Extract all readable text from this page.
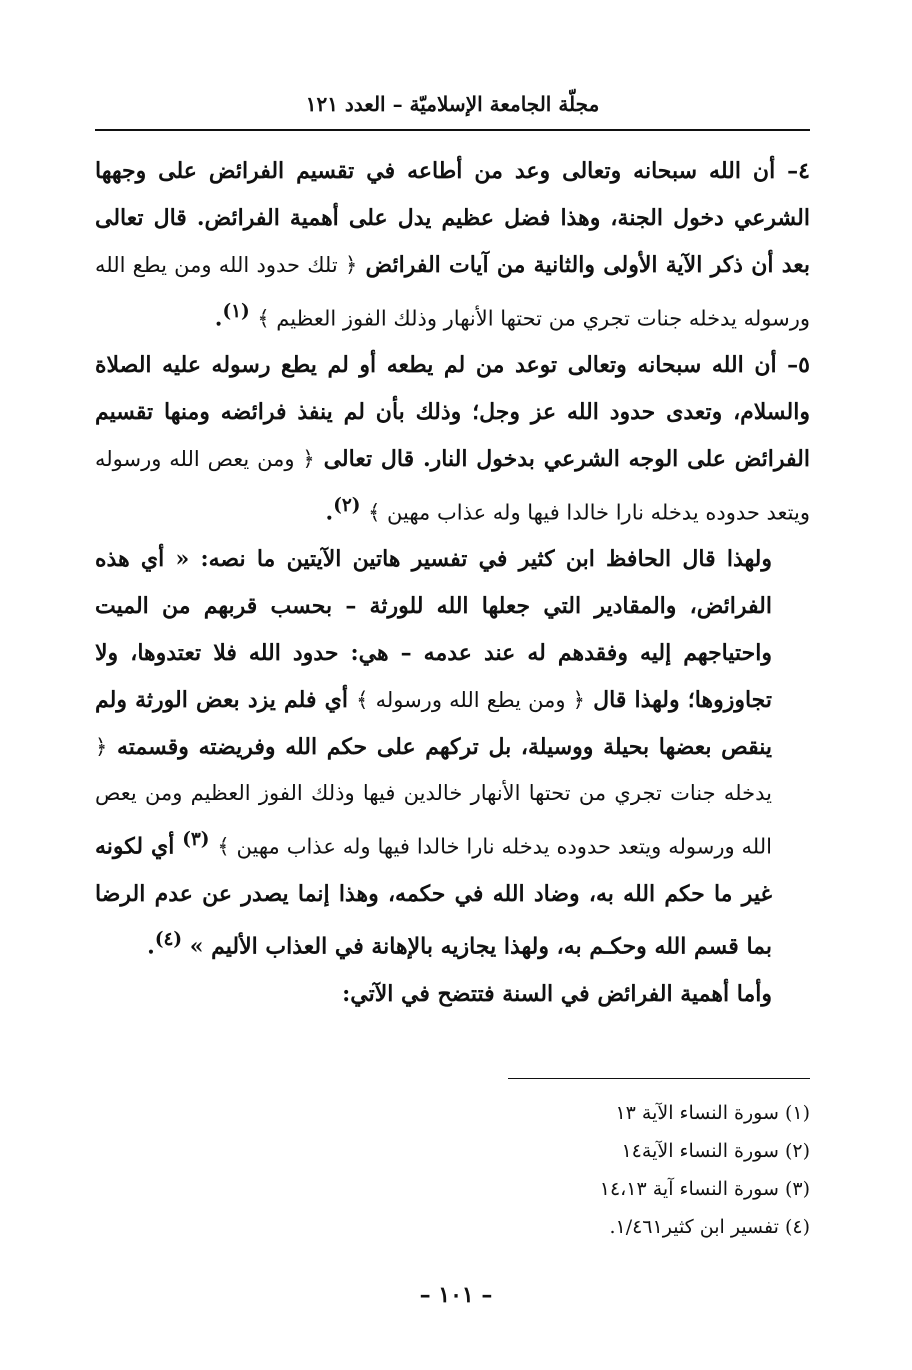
مجلّة الجامعة الإسلاميّة – العدد ١٢١

٤– أن الله سبحانه وتعالى وعد من أطاعه في تقسيم الفرائض على وجهها الشرعي دخول الجنة، وهذا فضل عظيم يدل على أهمية الفرائض. قال تعالى بعد أن ذكر الآية الأولى والثانية من آيات الفرائض ﴿ تلك حدود الله ومن يطع الله ورسوله يدخله جنات تجري من تحتها الأنهار وذلك الفوز العظيم ﴾ $^{(١)}$.

٥– أن الله سبحانه وتعالى توعد من لم يطعه أو لم يطع رسوله عليه الصلاة والسلام، وتعدى حدود الله عز وجل؛ وذلك بأن لم ينفذ فرائضه ومنها تقسيم الفرائض على الوجه الشرعي بدخول النار. قال تعالى ﴿ ومن يعص الله ورسوله ويتعد حدوده يدخله نارا خالدا فيها وله عذاب مهين ﴾ $^{(٢)}$.

ولهذا قال الحافظ ابن كثير في تفسير هاتين الآيتين ما نصه: « أي هذه الفرائض، والمقادير التي جعلها الله للورثة – بحسب قربهم من الميت واحتياجهم إليه وفقدهم له عند عدمه – هي: حدود الله فلا تعتدوها، ولا تجاوزوها؛ ولهذا قال ﴿ ومن يطع الله ورسوله ﴾ أي فلم يزد بعض الورثة ولم ينقص بعضها بحيلة ووسيلة، بل تركهم على حكم الله وفريضته وقسمته ﴿ يدخله جنات تجري من تحتها الأنهار خالدين فيها وذلك الفوز العظيم ومن يعص الله ورسوله ويتعد حدوده يدخله نارا خالدا فيها وله عذاب مهين ﴾ $^{(٣)}$ أي لكونه غير ما حكم الله به، وضاد الله في حكمه، وهذا إنما يصدر عن عدم الرضا بما قسم الله وحكـم به، ولهذا يجازيه بالإهانة في العذاب الأليم » $^{(٤)}$.

وأما أهمية الفرائض في السنة فتتضح في الآتي:

(١) سورة النساء الآية ١٣
(٢) سورة النساء الآية١٤
(٣) سورة النساء آية ١٤،١٣
(٤) تفسير ابن كثير١/٤٦١.
– ١٠١ –
